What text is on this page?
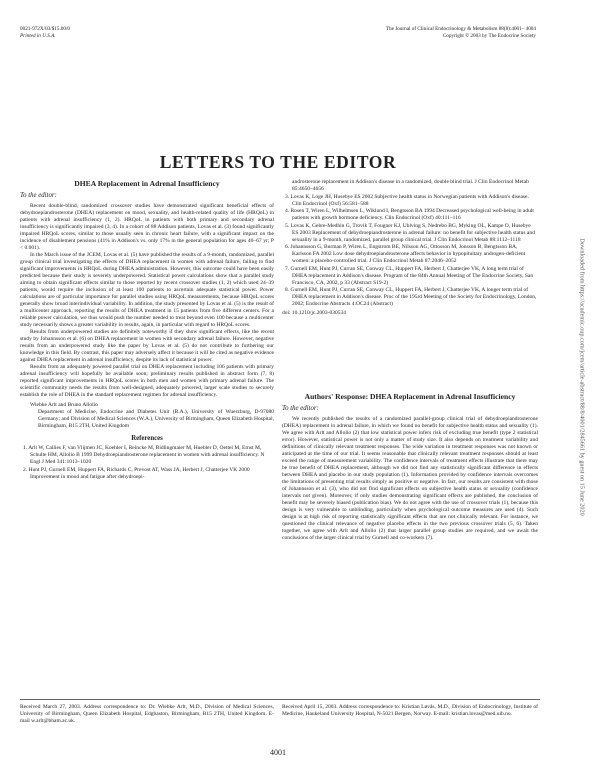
0021-972X/03/$15.00/0
Printed in U.S.A.
The Journal of Clinical Endocrinology & Metabolism 88(8):4001– 4004
Copyright © 2003 by The Endocrine Society
LETTERS TO THE EDITOR

DHEA Replacement in Adrenal Insufficiency

To the editor:

Recent double-blind, randomized crossover studies have demonstrated significant beneficial effects of dehydroepiandrosterone (DHEA) replacement on mood, sexuality, and health-related quality of life (HRQoL) in patients with adrenal insufficiency (1, 2). HRQoL in patients with both primary and secondary adrenal insufficiency is significantly impaired (3, 4). In a cohort of 88 Addison patients, Lovas et al. (3) found significantly impaired HRQoL scores, similar to those usually seen in chronic heart failure, with a significant impact on the incidence of disablement pensions (41% in Addison's vs. only 17% in the general population for ages 40–67 yr; P < 0.001).

In the March issue of the JCEM, Lovas et al. (5) have published the results of a 9-month, randomized, parallel group clinical trial investigating the effects of DHEA replacement in women with adrenal failure, failing to find significant improvements in HRQoL during DHEA administration. However, this outcome could have been easily predicted because their study is severely underpowered. Statistical power calculations show that a parallel study aiming to obtain significant effects similar to those reported by recent crossover studies (1, 2) which used 24–39 patients, would require the inclusion of at least 100 patients to ascertain adequate statistical power. Power calculations are of particular importance for parallel studies using HRQoL measurements, because HRQoL scores generally show broad interindividual variability. In addition, the study presented by Lovas et al. (5) is the result of a multicenter approach, reporting the results of DHEA treatment in 15 patients from five different centers. For a reliable power calculation, we thus would push the number needed to treat beyond even 100 because a multicenter study necessarily shows a greater variability in results, again, in particular with regard to HRQoL scores.

Results from underpowered studies are definitely noteworthy if they show significant effects, like the recent study by Johannsson et al. (6) on DHEA replacement in women with secondary adrenal failure. However, negative results from an underpowered study like the paper by Lovas et al. (5) do not contribute to furthering our knowledge in this field. By contrast, this paper may adversely affect it because it will be cited as negative evidence against DHEA replacement in adrenal insufficiency, despite its lack of statistical power.

Results from an adequately powered parallel trial on DHEA replacement including 106 patients with primary adrenal insufficiency will hopefully be available soon; preliminary results published in abstract form (7, 8) reported significant improvements in HRQoL scores in both men and women with primary adrenal failure. The scientific community needs the results from well-designed, adequately powered, larger scale studies to securely establish the role of DHEA in the standard replacement regimen for adrenal insufficiency.

Wiebke Arlt and Bruno Allolio
Department of Medicine, Endocrine and Diabetes Unit (B.A.), University of Wuerzburg, D-97080 Germany; and Division of Medical Sciences (W.A.), University of Birmingham, Queen Elizabeth Hospital, Birmingham, B15 2TH, United Kingdom

References

1. Arlt W, Callies F, van Vlijmen JC, Koehler I, Reincke M, Bidlingmaier M, Huebler D, Oettel M, Ernst M, Schulte HM, Allolio B 1999 Dehydroepiandrosterone replacement in women with adrenal insufficiency. N Engl J Med 341:1013–1020
2. Hunt PJ, Gurnell EM, Huppert FA, Richards C, Prevost AT, Wass JA, Herbert J, Chatterjee VK 2000 Improvement in mood and fatigue after dehydroepi-
androsterone replacement in Addison's disease in a randomized, double blind trial. J Clin Endocrinol Metab 85:4650–4656
3. Lovas K, Loge JH, Husebye ES 2002 Subjective health status in Norwegian patients with Addison's disease. Clin Endocrinol (Oxf) 56:581–588
4. Rosen T, Wiren L, Wilhelmsen L, Wiklund I, Bengtsson BA 1994 Decreased psychological well-being in adult patients with growth hormone deficiency. Clin Endocrinol (Oxf) 40:111–116
5. Lovas K, Gebre-Medhin G, Trovik T, Fougner KJ, Uhlving S, Nedrebo BG, Myking OL, Kampe O, Husebye ES 2003 Replacement of dehydroepiandrosterone in adrenal failure: no benefit for subjective health status and sexuality in a 9-month, randomized, parallel group clinical trial. J Clin Endocrinol Metab 88:1112–1118
6. Johannsson G, Burman P, Wiren L, Engstrom BE, Nilsson AG, Ottosson M, Jonsson B, Bengtsson BA, Karlsson FA 2002 Low dose dehydroepiandrosterone affects behavior in hypopituitary androgen-deficient women: a placebo-controlled trial. J Clin Endocrinol Metab 87:2046–2052
7. Gurnell EM, Hunt PJ, Curran SE, Conway CL, Huppert FA, Herbert J, Chatterjee VK, A long term trial of DHEA replacement in Addison's disease. Program of the 84th Annual Meeting of The Endocrine Society, San Francisco, CA, 2002, p 33 (Abstract S19-2)
8. Gurnell EM, Hunt PJ, Curran SE, Conway CL, Huppert FA, Herbert J, Chatterjee VK, A longer term trial of DHEA replacement in Addison's disease. Proc of the 195rd Meeting of the Society for Endocrinology, London, 2002; Endocrine Abstracts 4:OC24 (Abstract)
doi: 10.1210/jc.2003-030534

Authors' Response: DHEA Replacement in Adrenal Insufficiency

To the editor:

We recently published the results of a randomized parallel-group clinical trial of dehydroepiandrosterone (DHEA) replacement in adrenal failure, in which we found no benefit for subjective health status and sexuality (1). We agree with Arlt and Allolio (2) that low statistical power infers risk of excluding true benefit (type 2 statistical error). However, statistical power is not only a matter of study size. It also depends on treatment variability and definitions of clinically relevant treatment responses. The wide variation in treatment responses was not known or anticipated at the time of our trial. It seems reasonable that clinically relevant treatment responses should at least exceed the range of measurement variability. The confidence intervals of treatment effects illustrate that there may be true benefit of DHEA replacement, although we did not find any statistically significant difference in effects between DHEA and placebo in our study population (1). Information provided by confidence intervals overcomes the limitations of presenting trial results simply as positive or negative. In fact, our results are consistent with those of Johannsson et al. (3), who did not find significant effects on subjective health status or sexuality (confidence intervals not given). Moreover, if only studies demonstrating significant effects are published, the conclusion of benefit may be severely biased (publication bias). We do not agree with the use of crossover trials (1), because this design is very vulnerable to unblinding, particularly when psychological outcome measures are used (4). Such design is at high risk of reporting statistically significant effects that are not clinically relevant. For instance, we questioned the clinical relevance of negative placebo effects in the two previous crossover trials (5, 6). Taken together, we agree with Arlt and Allolio (2) that larger parallel group studies are required, and we await the conclusions of the larger clinical trial by Gurnell and co-workers (7).

Received March 27, 2003. Address correspondence to: Dr. Wiebke Arlt, M.D., Division of Medical Sciences, University of Birmingham, Queen Elizabeth Hospital, Edgbaston, Birmingham, B15 2TH, United Kingdom. E-mail w.arlt@bham.ac.uk.
Received April 15, 2003. Address correspondence to: Kristian Løvås, M.D., Division of Endocrinology, Institute of Medicine, Haukeland University Hospital, N-5021 Bergen, Norway. E-mail: kristian.lovas@med.uib.no.
4001
Downloaded from https://academic.oup.com/jcem/article-abstract/88/8/4001/2845661 by guest on 15 June 2020
